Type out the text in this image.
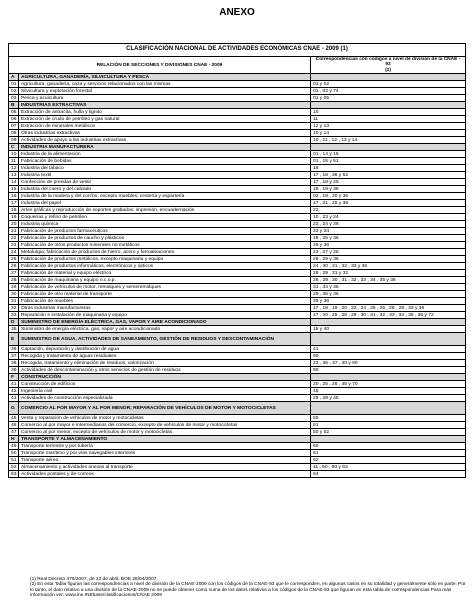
ANEXO
CLASIFICACIÓN NACIONAL DE ACTIVIDADES ECONÓMICAS CNAE - 2009 (1)		
RELACIÓN DE SECCIONES Y DIVISIONES CNAE - 2009		Correspondencias con códigos a nivel de división de la CNAE - 93
(2)
A	AGRICULTURA, GANADERÍA, SILVICULTURA Y PESCA	
01	Agricultura, ganadería, caza y servicios relacionados con las mismas	01 y 02
02	Silvicultura y explotación forestal	01 , 02 y 74
03	Pesca y acuicultura	01 y 05
B	INDUSTRIAS EXTRACTIVAS	
05	Extracción de antracita, hulla y lignito	10
06	Extracción de crudo de petróleo y gas natural	11
07	Extracción de minerales metálicos	12 y 13
08	Otras industrias extractivas	10 y 14
09	Actividades de apoyo a las industrias extractivas	10 , 11 , 12 , 13 y 14
C	INDUSTRIA MANUFACTURERA	
10	Industria de la alimentación	01 , 14 y 15
11	Fabricación de bebidas	01 , 15 y 51
12	Industria del tabaco	16
13	Industria textil	17 , 18 , 36 y 52
14	Confección de prendas de vestir	17 , 18 y 25
15	Industria del cuero y del calzado	18 , 19 y 36
16	Industria de la madera y del corcho, excepto muebles; cestería y espartería	02 , 19 , 20 y 36
17	Industria del papel	17 , 21 , 25 y 36
18	Artes gráficas y reproducción de soportes grabados: impresión, encuadernación	22
19	Coquerías y refino de petróleo	10 , 23 y 24
20	Industria química	23 , 24 y 36
21	Fabricación de productos farmacéuticos	23 y 24
22	Fabricación de productos de caucho y plásticos	19 , 25 y 36
23	Fabricación de otros productos minerales no metálicos	26 y 36
24	Metalurgia; fabricación de productos de hierro, acero y ferroaleaciones	23 , 27 y 28
25	Fabricación de productos metálicos, excepto maquinaria y equipo	28 , 29 y 36
26	Fabricación de productos informáticos, electrónicos y ópticos	24 , 30 , 31 , 32 , 33 y 36
27	Fabricación de material y equipo eléctrico	28 , 29 , 31 y 32
28	Fabricación de maquinaria y equipo n.c.o.p.	28 , 29 , 30 , 31 , 32 , 33 , 34 , 35 y 36
29	Fabricación de vehículos de motor, remolques y semirremolques	31 , 34 y 36
30	Fabricación de otro material de transporte	29 , 35 y 36
31	Fabricación de muebles	35 y 36
32	Otras industrias manufactureras	17 , 18 , 19 , 20 , 22 , 24 , 25 , 26 , 28 , 29 , 33 y 36
33	Reparación e instalación de maquinaria y equipo	17 , 20 , 25 , 28 , 29 , 30 , 31 , 32 , 33 , 34 , 35 , 36 y 72
D	SUMINISTRO DE ENERGÍA ELÉCTRICA, GAS, VAPOR Y AIRE ACONDICIONADO	
35	Suministro de energía eléctrica, gas, vapor y aire acondicionado	15 y 40
E	SUMINISTRO DE AGUA, ACTIVIDADES DE SANEAMIENTO, GESTIÓN DE RESIDUOS Y DESCONTAMINACIÓN	
36	Captación, depuración y distribución de agua	41
37	Recogida y tratamiento de aguas residuales	90
38	Recogida, tratamiento y eliminación de residuos; valorización	23 , 35 , 37 , 40 y 90
39	Actividades de descontaminación y otros servicios de gestión de residuos	90
F	CONSTRUCCIÓN	
41	Construcción de edificios	20 , 25 , 26 , 45 y 70
42	Ingeniería civil	45
43	Actividades de construcción especializada	25 , 28 y 45
G	COMERCIO AL POR MAYOR Y AL POR MENOR; REPARACIÓN DE VEHÍCULOS DE MOTOR Y MOTOCICLETAS	
45	Venta y reparación de vehículos de motor y motocicletas	50
46	Comercio al por mayor e intermediarios del comercio, excepto de vehículos de motor y motocicletas	51
47	Comercio al por menor, excepto de vehículos de motor y motocicletas	50 y 52
H	TRANSPORTE Y ALMACENAMIENTO	
49	Transporte terrestre y por tubería	60
50	Transporte marítimo y por vías navegables interiores	61
51	Transporte aéreo	62
52	Almacenamiento y actividades anexas al transporte	11 , 50 , 60 y 63
53	Actividades postales y de correos	64

(1) Real Decreto 475/2007, de 13 de abril. BOE 28/04/2007

(2) En esta Tabla figuran las correspondencias a nivel de división de la CNAE-2009 con los códigos de la CNAE-93 que le corresponden, en algunos casos en su totalidad y generalmente sólo en parte. Por lo tanto, el dato relativo a una división de la CNAE-2009 no se puede obtener como suma de los datos relativos a los códigos de la CNAE-93 que figuran en esta tabla de correspondencias Para más información ver: www.ine.INEbase/clasificaciones/CNAE 2009
